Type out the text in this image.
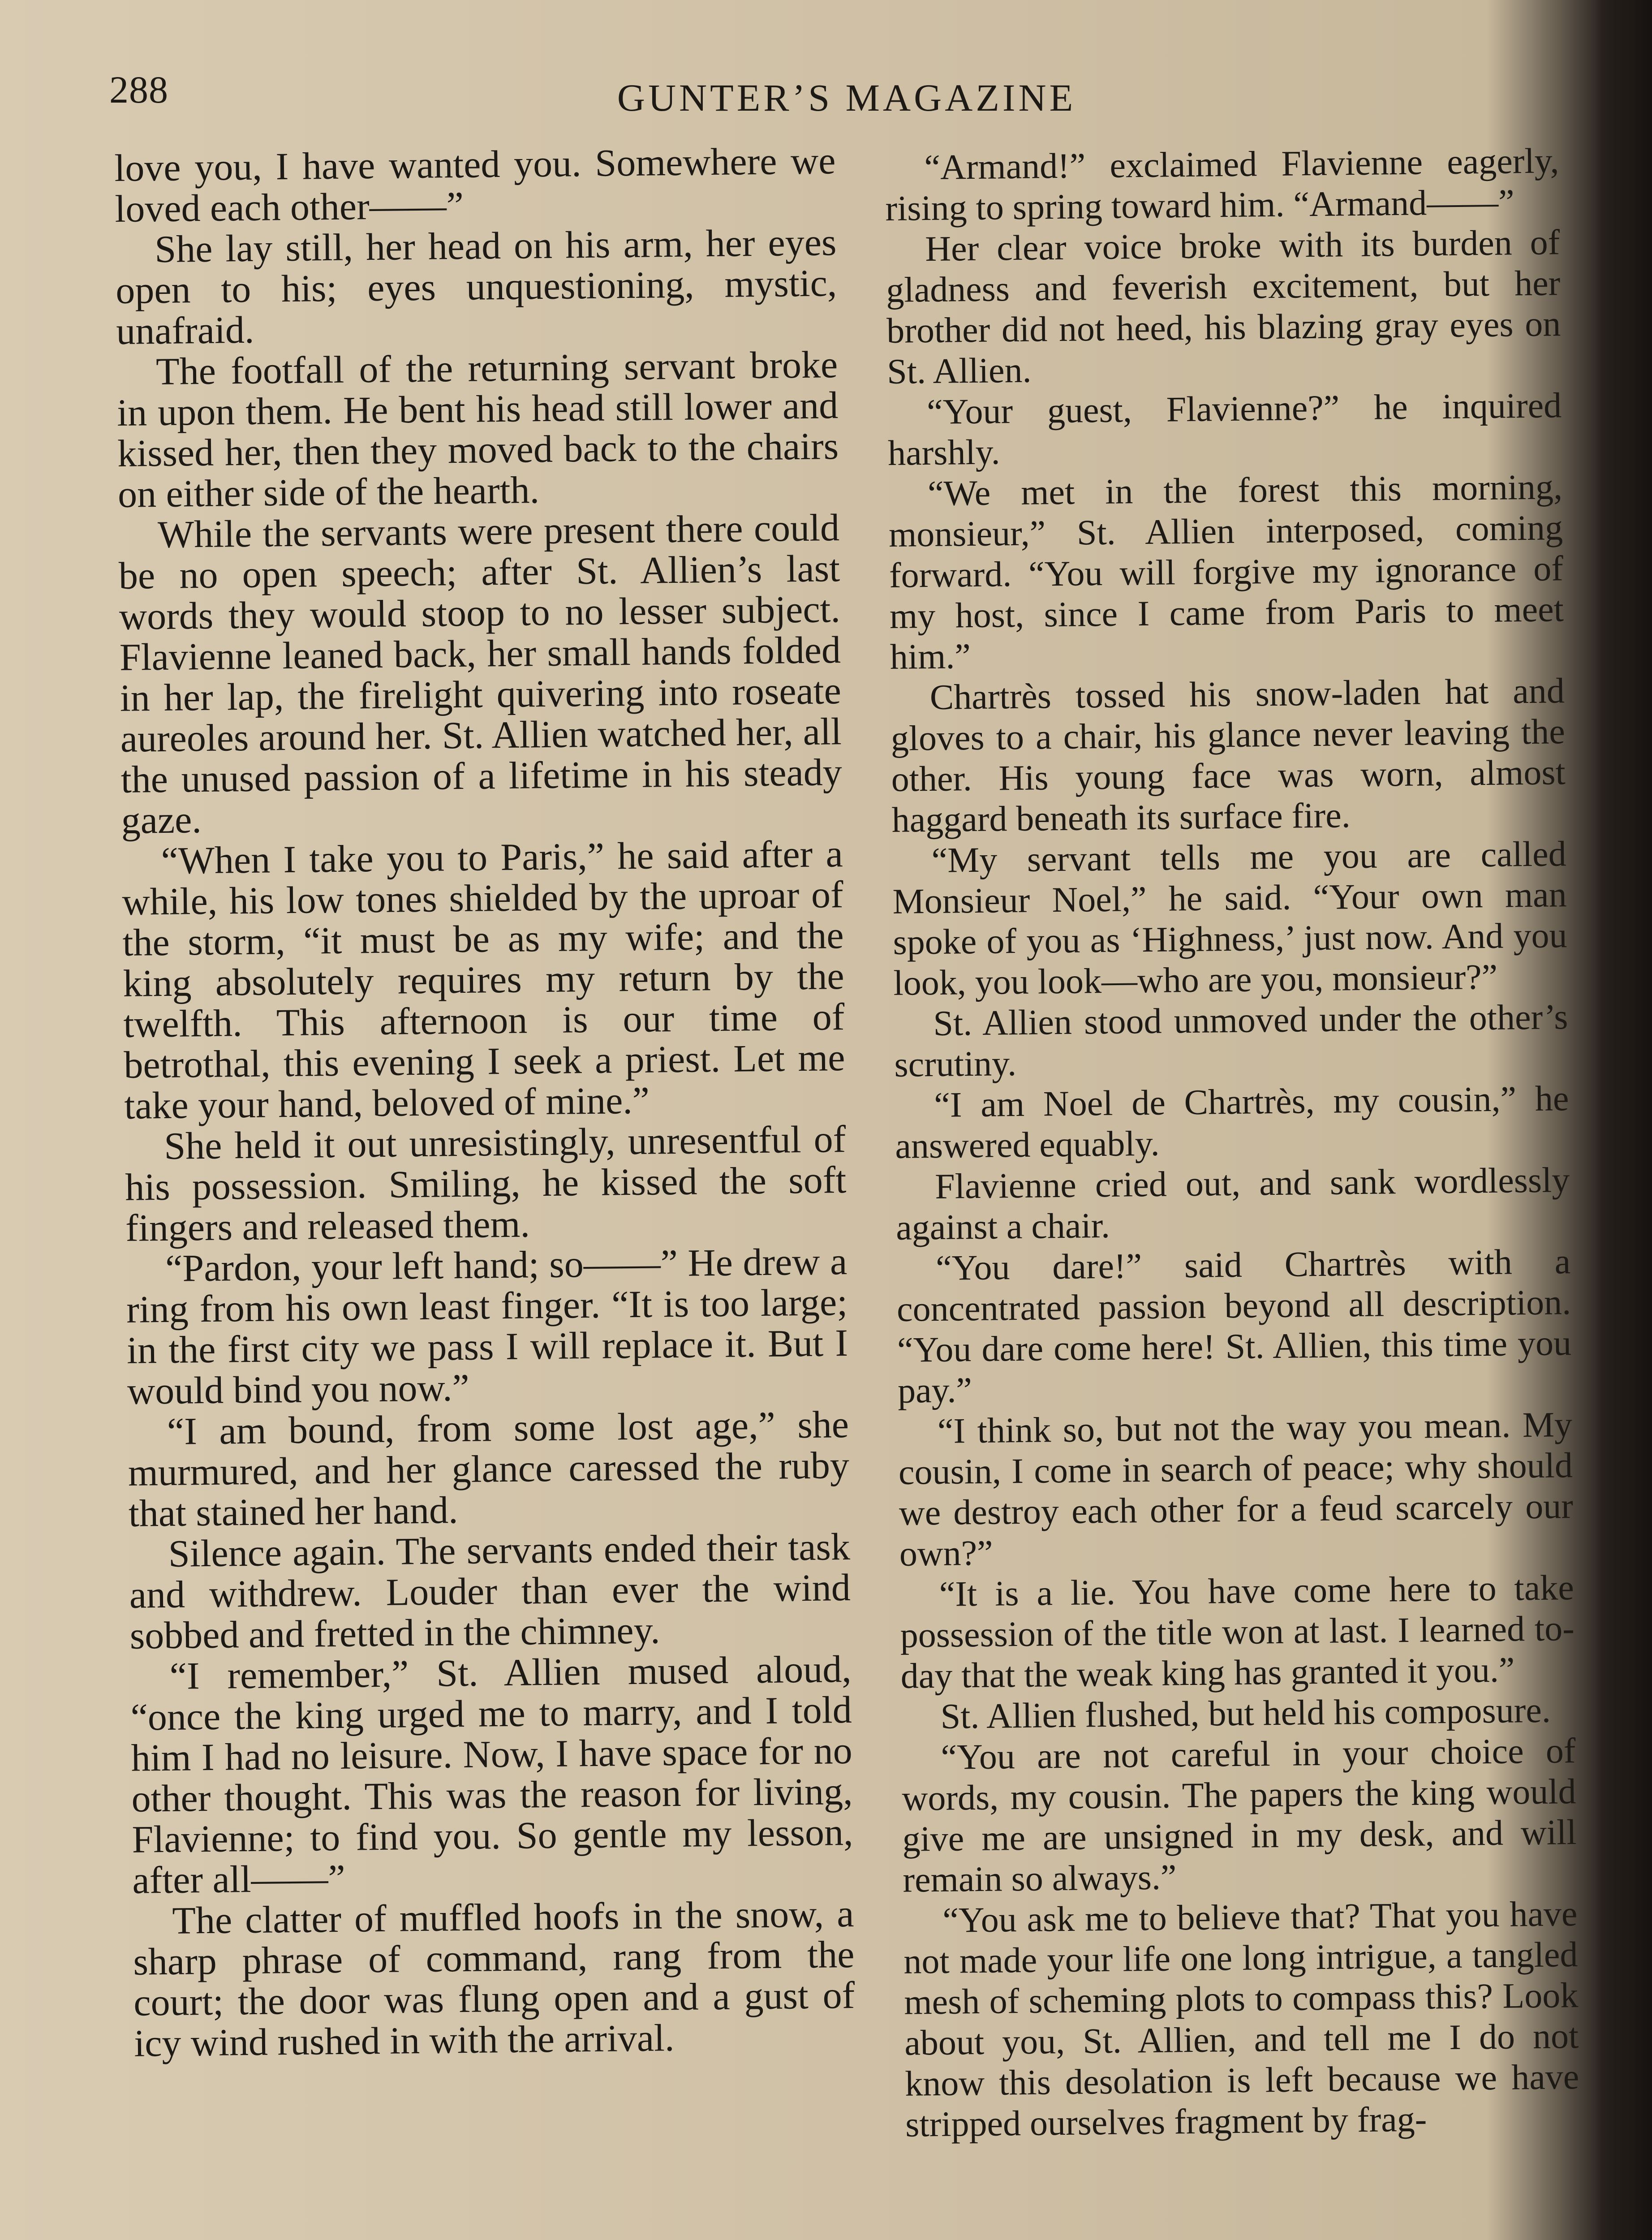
288	GUNTER’S MAGAZINE

love you, I have wanted you. Somewhere we loved each other——”

She lay still, her head on his arm, her eyes open to his; eyes unquestioning, mystic, unafraid.

The footfall of the returning servant broke in upon them. He bent his head still lower and kissed her, then they moved back to the chairs on either side of the hearth.

While the servants were present there could be no open speech; after St. Allien’s last words they would stoop to no lesser subject. Flavienne leaned back, her small hands folded in her lap, the firelight quivering into roseate aureoles around her. St. Allien watched her, all the unused passion of a lifetime in his steady gaze.

“When I take you to Paris,” he said after a while, his low tones shielded by the uproar of the storm, “it must be as my wife; and the king absolutely requires my return by the twelfth. This afternoon is our time of betrothal, this evening I seek a priest. Let me take your hand, beloved of mine.”

She held it out unresistingly, unresentful of his possession. Smiling, he kissed the soft fingers and released them.

“Pardon, your left hand; so——” He drew a ring from his own least finger. “It is too large; in the first city we pass I will replace it. But I would bind you now.”

“I am bound, from some lost age,” she murmured, and her glance caressed the ruby that stained her hand.

Silence again. The servants ended their task and withdrew. Louder than ever the wind sobbed and fretted in the chimney.

“I remember,” St. Allien mused aloud, “once the king urged me to marry, and I told him I had no leisure. Now, I have space for no other thought. This was the reason for living, Flavienne; to find you. So gentle my lesson, after all——”

The clatter of muffled hoofs in the snow, a sharp phrase of command, rang from the court; the door was flung open and a gust of icy wind rushed in with the arrival.

“Armand!” exclaimed Flavienne eagerly, rising to spring toward him. “Armand——”

Her clear voice broke with its burden of gladness and feverish excitement, but her brother did not heed, his blazing gray eyes on St. Allien.

“Your guest, Flavienne?” he inquired harshly.

“We met in the forest this morning, monsieur,” St. Allien interposed, coming forward. “You will forgive my ignorance of my host, since I came from Paris to meet him.”

Chartrès tossed his snow-laden hat and gloves to a chair, his glance never leaving the other. His young face was worn, almost haggard beneath its surface fire.

“My servant tells me you are called Monsieur Noel,” he said. “Your own man spoke of you as ‘Highness,’ just now. And you look, you look—who are you, monsieur?”

St. Allien stood unmoved under the other’s scrutiny.

“I am Noel de Chartrès, my cousin,” he answered equably.

Flavienne cried out, and sank wordlessly against a chair.

“You dare!” said Chartrès with a concentrated passion beyond all description. “You dare come here! St. Allien, this time you pay.”

“I think so, but not the way you mean. My cousin, I come in search of peace; why should we destroy each other for a feud scarcely our own?”

“It is a lie. You have come here to take possession of the title won at last. I learned to-day that the weak king has granted it you.”

St. Allien flushed, but held his composure.

“You are not careful in your choice of words, my cousin. The papers the king would give me are unsigned in my desk, and will remain so always.”

“You ask me to believe that? That you have not made your life one long intrigue, a tangled mesh of scheming plots to compass this? Look about you, St. Allien, and tell me I do not know this desolation is left because we have stripped ourselves fragment by frag-
